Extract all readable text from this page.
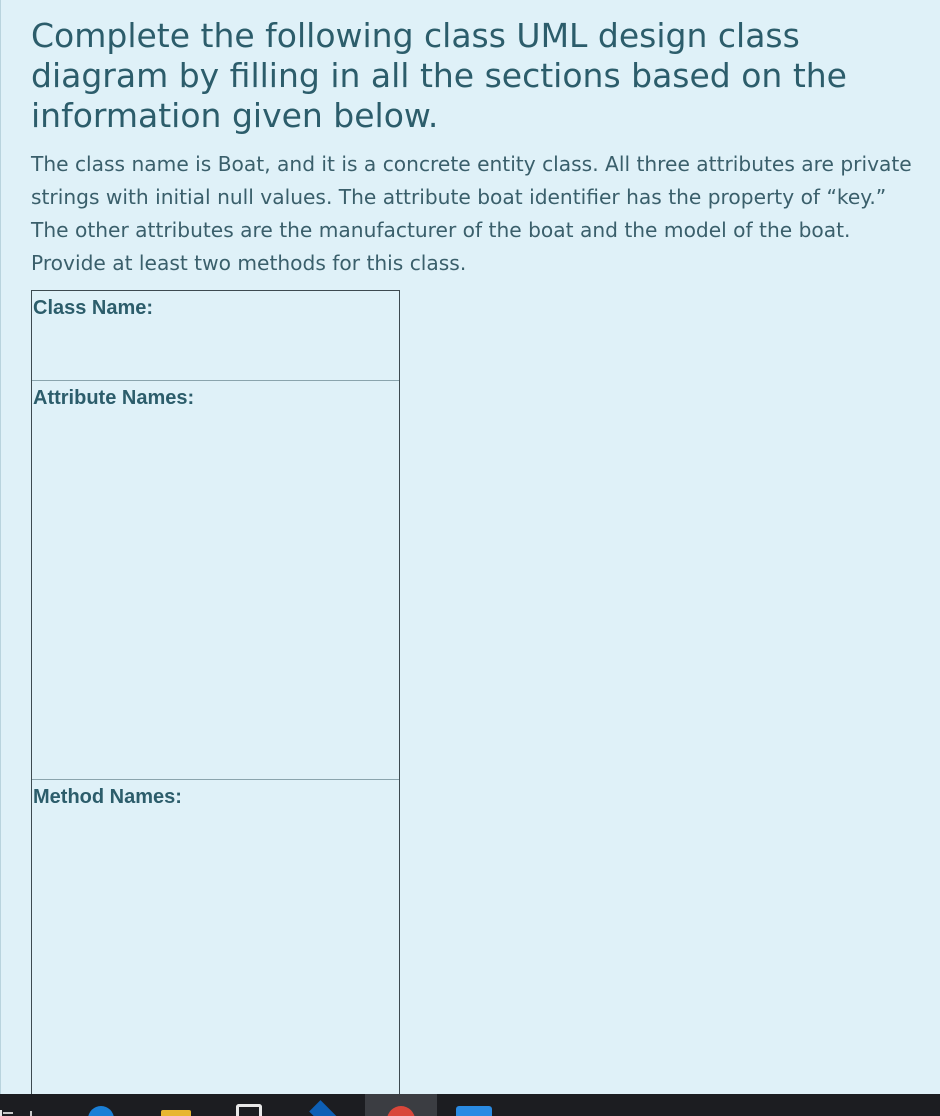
Complete the following class UML design class diagram by filling in all the sections based on the information given below.

The class name is Boat, and it is a concrete entity class. All three attributes are private strings with initial null values. The attribute boat identifier has the property of “key.” The other attributes are the manufacturer of the boat and the model of the boat. Provide at least two methods for this class.

Class Name:
Attribute Names:
Method Names:
